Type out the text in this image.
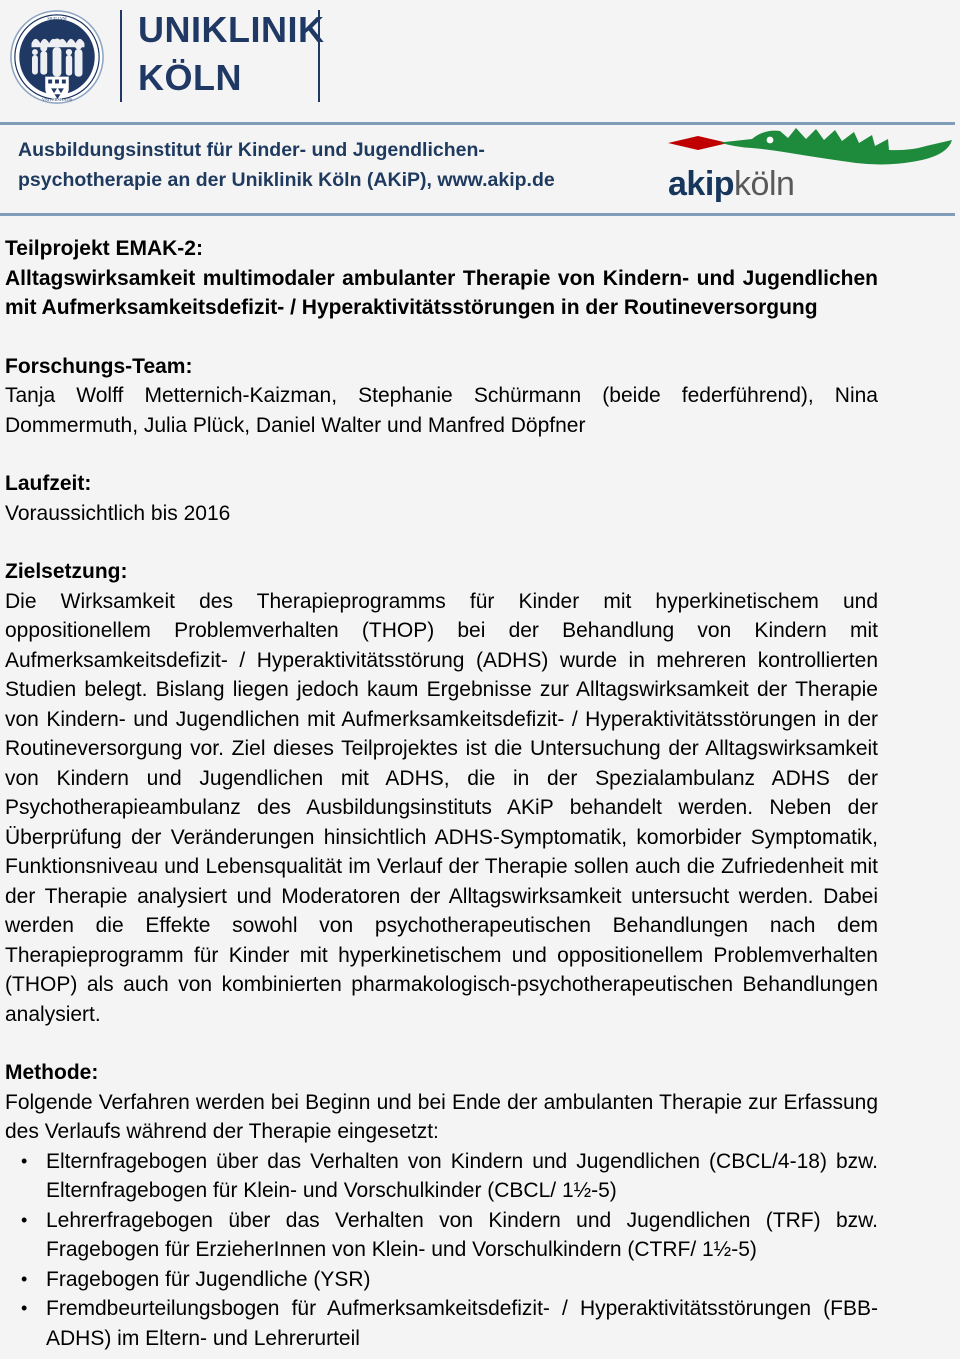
SIGILLVM
VNIVERSITATIS
UNIKLINIK
KÖLN
Ausbildungsinstitut für Kinder- und Jugendlichen-
psychotherapie an der Uniklinik Köln (AKiP), www.akip.de	akipköln
Teilprojekt EMAK-2:
Alltagswirksamkeit multimodaler ambulanter Therapie von Kindern- und Jugendlichen mit Aufmerksamkeitsdefizit- / Hyperaktivitätsstörungen in der Routineversorgung
Forschungs-Team:

Tanja Wolff Metternich-Kaizman, Stephanie Schürmann (beide federführend), Nina Dommermuth, Julia Plück, Daniel Walter und Manfred Döpfner

Laufzeit:

Voraussichtlich bis 2016

Zielsetzung:

Die Wirksamkeit des Therapieprogramms für Kinder mit hyperkinetischem und oppositionellem Problemverhalten (THOP) bei der Behandlung von Kindern mit Aufmerksamkeitsdefizit- / Hyperaktivitätsstörung (ADHS) wurde in mehreren kontrollierten Studien belegt. Bislang liegen jedoch kaum Ergebnisse zur Alltagswirksamkeit der Therapie von Kindern- und Jugendlichen mit Aufmerksamkeitsdefizit- / Hyperaktivitätsstörungen in der Routineversorgung vor. Ziel dieses Teilprojektes ist die Untersuchung der Alltagswirksamkeit von Kindern und Jugendlichen mit ADHS, die in der Spezialambulanz ADHS der Psychotherapieambulanz des Ausbildungsinstituts AKiP behandelt werden. Neben der Überprüfung der Veränderungen hinsichtlich ADHS-Symptomatik, komorbider Symptomatik, Funktionsniveau und Lebensqualität im Verlauf der Therapie sollen auch die Zufriedenheit mit der Therapie analysiert und Moderatoren der Alltagswirksamkeit untersucht werden. Dabei werden die Effekte sowohl von psychotherapeutischen Behandlungen nach dem Therapieprogramm für Kinder mit hyperkinetischem und oppositionellem Problemverhalten (THOP) als auch von kombinierten pharmakologisch-psychotherapeutischen Behandlungen analysiert.

Methode:

Folgende Verfahren werden bei Beginn und bei Ende der ambulanten Therapie zur Erfassung des Verlaufs während der Therapie eingesetzt:

• Elternfragebogen über das Verhalten von Kindern und Jugendlichen (CBCL/4-18) bzw. Elternfragebogen für Klein- und Vorschulkinder (CBCL/ 1½-5)
• Lehrerfragebogen über das Verhalten von Kindern und Jugendlichen (TRF) bzw. Fragebogen für ErzieherInnen von Klein- und Vorschulkindern (CTRF/ 1½-5)
• Fragebogen für Jugendliche (YSR)
• Fremdbeurteilungsbogen für Aufmerksamkeitsdefizit- / Hyperaktivitätsstörungen (FBB-ADHS) im Eltern- und Lehrerurteil
